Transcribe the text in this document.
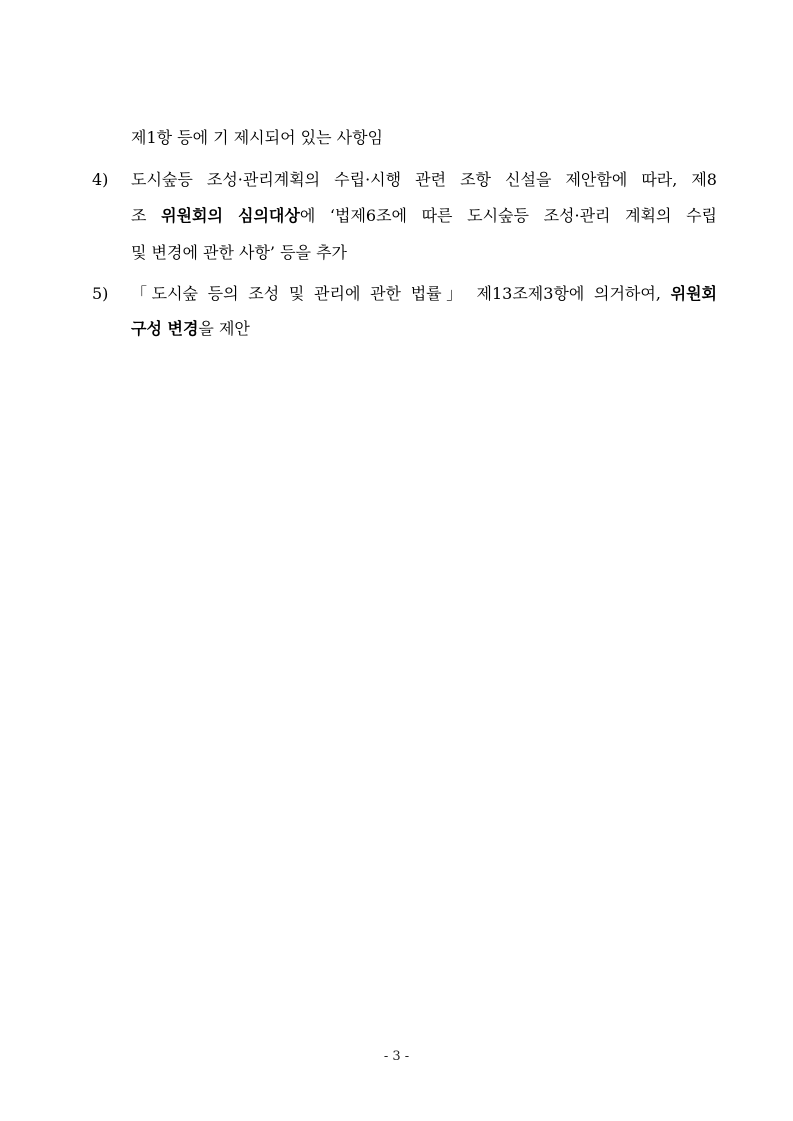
제1항 등에 기 제시되어 있는 사항임
4) 도시숲등 조성·관리계획의 수립·시행 관련 조항 신설을 제안함에 따라, 제8
조 위원회의 심의대상에 ‘법제6조에 따른 도시숲등 조성·관리 계획의 수립
및 변경에 관한 사항’ 등을 추가
5) 「도시숲 등의 조성 및 관리에 관한 법률」 제13조제3항에 의거하여, 위원회
구성 변경을 제안
- 3 -
